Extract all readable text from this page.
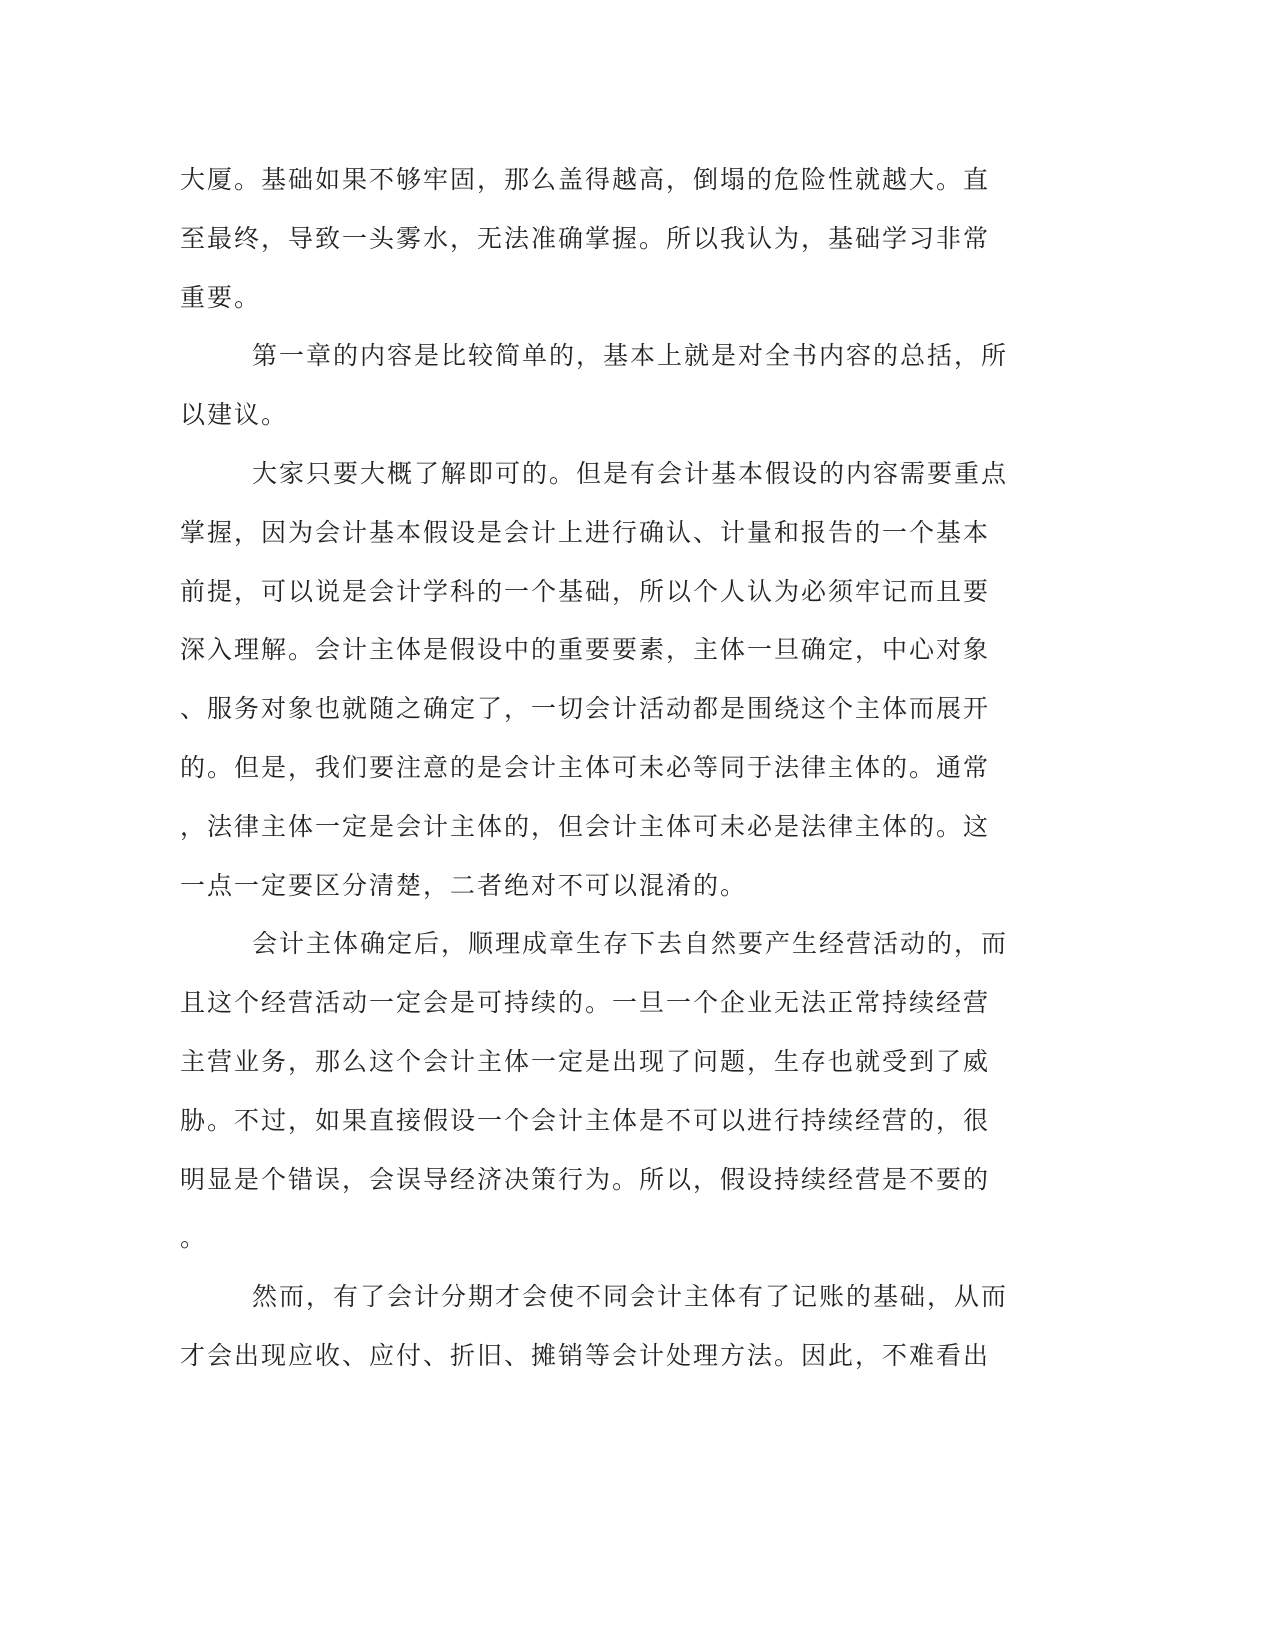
大厦。基础如果不够牢固，那么盖得越高，倒塌的危险性就越大。直
至最终，导致一头雾水，无法准确掌握。所以我认为，基础学习非常
重要。
第一章的内容是比较简单的，基本上就是对全书内容的总括，所
以建议。
大家只要大概了解即可的。但是有会计基本假设的内容需要重点
掌握，因为会计基本假设是会计上进行确认、计量和报告的一个基本
前提，可以说是会计学科的一个基础，所以个人认为必须牢记而且要
深入理解。会计主体是假设中的重要要素，主体一旦确定，中心对象
、服务对象也就随之确定了，一切会计活动都是围绕这个主体而展开
的。但是，我们要注意的是会计主体可未必等同于法律主体的。通常
，法律主体一定是会计主体的，但会计主体可未必是法律主体的。这
一点一定要区分清楚，二者绝对不可以混淆的。
会计主体确定后，顺理成章生存下去自然要产生经营活动的，而
且这个经营活动一定会是可持续的。一旦一个企业无法正常持续经营
主营业务，那么这个会计主体一定是出现了问题，生存也就受到了威
胁。不过，如果直接假设一个会计主体是不可以进行持续经营的，很
明显是个错误，会误导经济决策行为。所以，假设持续经营是不要的
。
然而，有了会计分期才会使不同会计主体有了记账的基础，从而
才会出现应收、应付、折旧、摊销等会计处理方法。因此，不难看出
